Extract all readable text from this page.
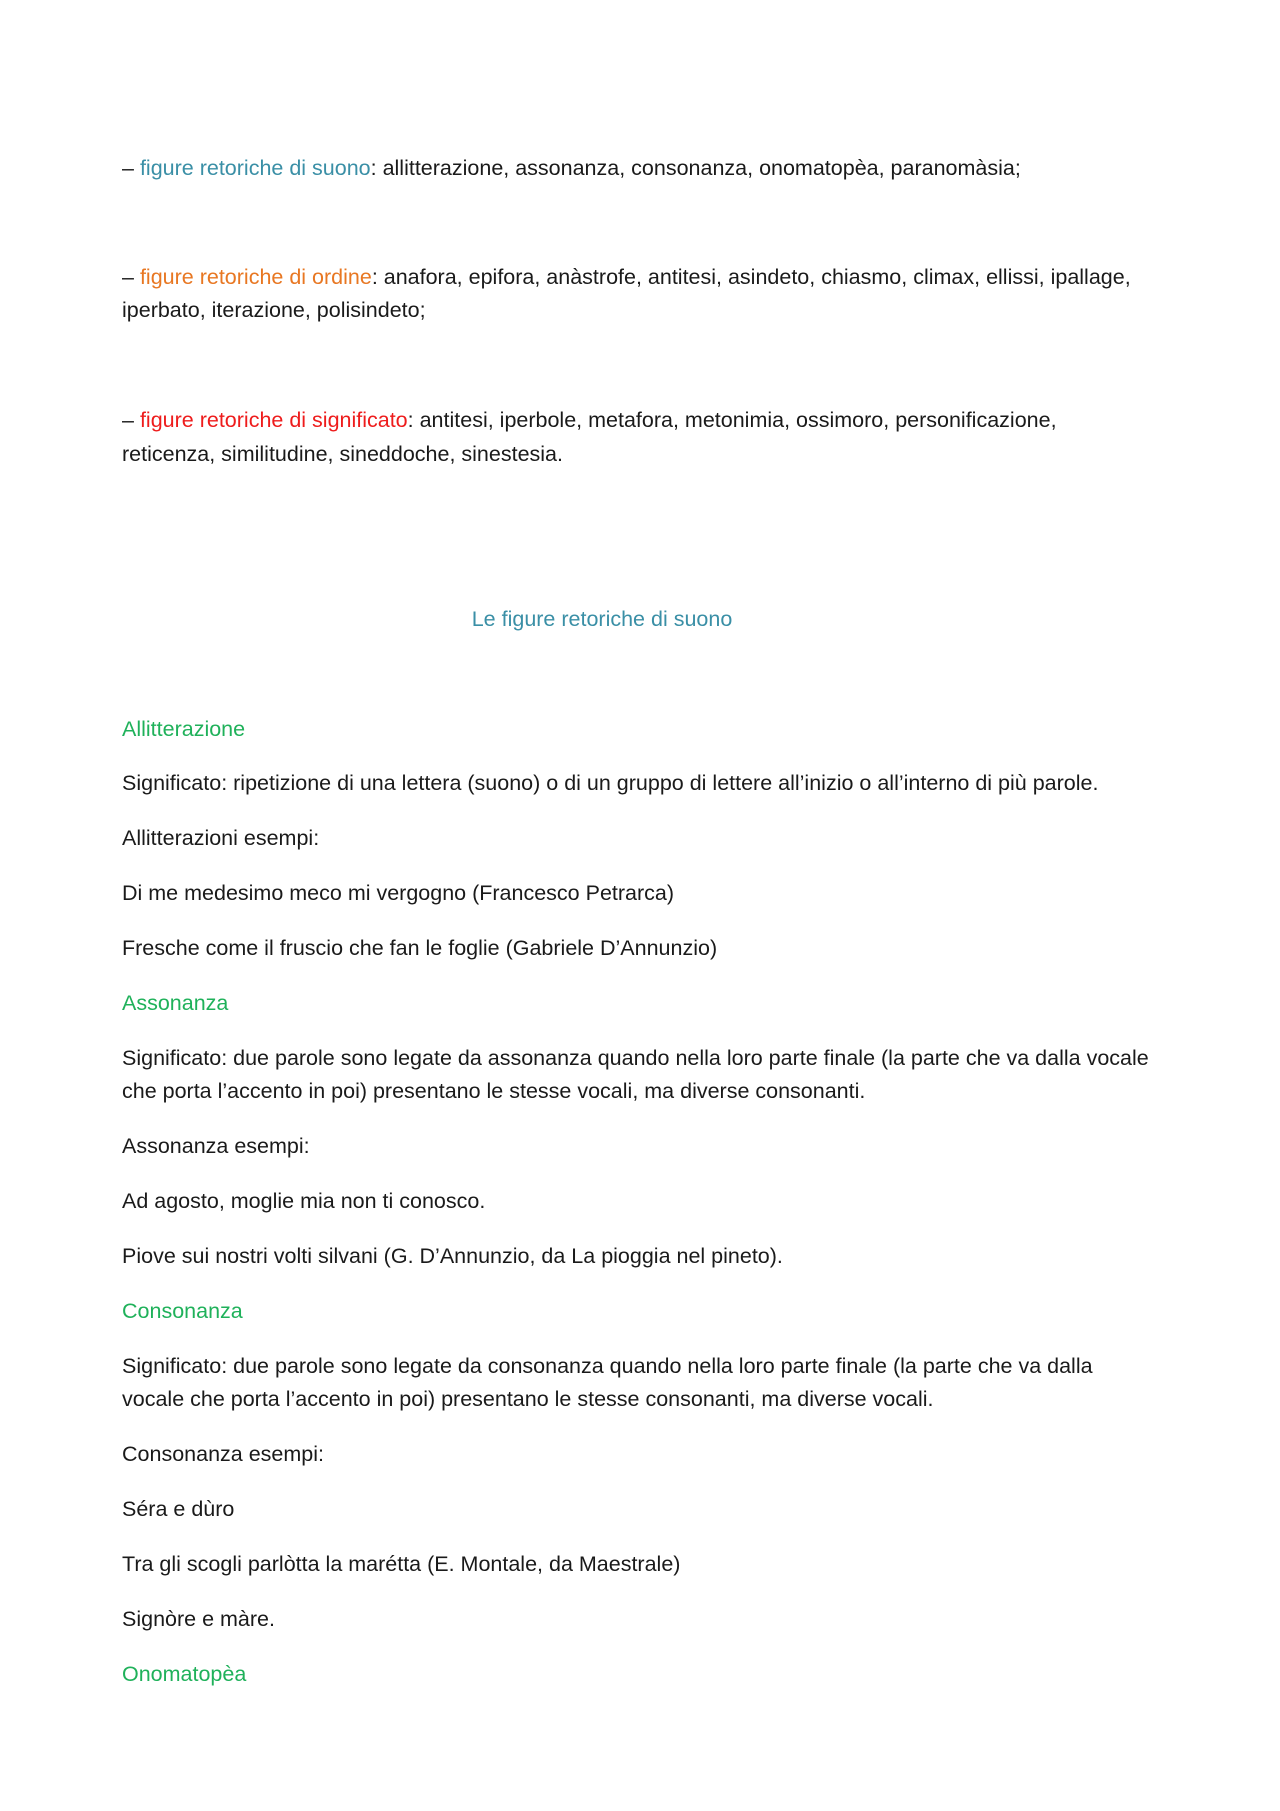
– figure retoriche di suono: allitterazione, assonanza, consonanza, onomatopèa, paranomàsia;
– figure retoriche di ordine: anafora, epifora, anàstrofe, antitesi, asindeto, chiasmo, climax, ellissi, ipallage,
iperbato, iterazione, polisindeto;
– figure retoriche di significato: antitesi, iperbole, metafora, metonimia, ossimoro, personificazione,
reticenza, similitudine, sineddoche, sinestesia.
Le figure retoriche di suono
Allitterazione
Significato: ripetizione di una lettera (suono) o di un gruppo di lettere all’inizio o all’interno di più parole.
Allitterazioni esempi:
Di me medesimo meco mi vergogno (Francesco Petrarca)
Fresche come il fruscio che fan le foglie (Gabriele D’Annunzio)
Assonanza
Significato: due parole sono legate da assonanza quando nella loro parte finale (la parte che va dalla vocale
che porta l’accento in poi) presentano le stesse vocali, ma diverse consonanti.
Assonanza esempi:
Ad agosto, moglie mia non ti conosco.
Piove sui nostri volti silvani (G. D’Annunzio, da La pioggia nel pineto).
Consonanza
Significato: due parole sono legate da consonanza quando nella loro parte finale (la parte che va dalla
vocale che porta l’accento in poi) presentano le stesse consonanti, ma diverse vocali.
Consonanza esempi:
Séra e dùro
Tra gli scogli parlòtta la marétta (E. Montale, da Maestrale)
Signòre e màre.
Onomatopèa
